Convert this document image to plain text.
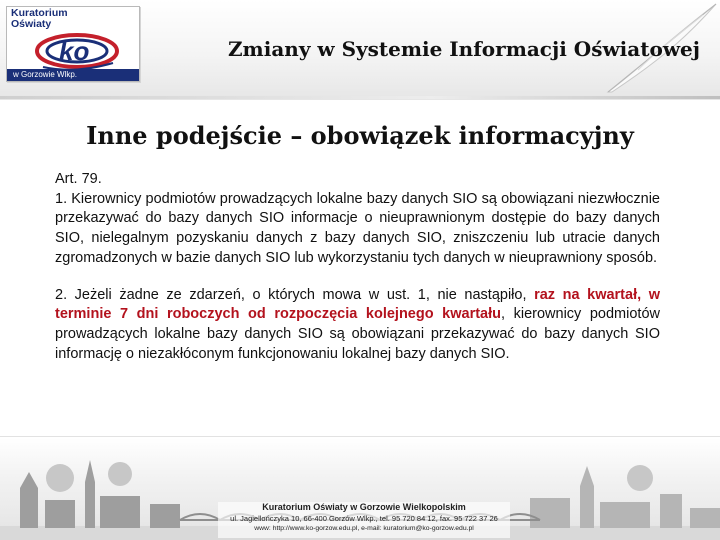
Kuratorium
Oświaty
ko
w Gorzowie Wlkp.
Zmiany w Systemie Informacji Oświatowej
Inne podejście – obowiązek informacyjny

Art. 79.

1. Kierownicy podmiotów prowadzących lokalne bazy danych SIO są obowiązani niezwłocznie przekazywać do bazy danych SIO informacje o nieuprawnionym dostępie do bazy danych SIO, nielegalnym pozyskaniu danych z bazy danych SIO, zniszczeniu lub utracie danych zgromadzonych w bazie danych SIO lub wykorzystaniu tych danych w nieuprawniony sposób.

2. Jeżeli żadne ze zdarzeń, o których mowa w ust. 1, nie nastąpiło, raz na kwartał, w terminie 7 dni roboczych od rozpoczęcia kolejnego kwartału, kierownicy podmiotów prowadzących lokalne bazy danych SIO są obowiązani przekazywać do bazy danych SIO informację o niezakłóconym funkcjonowaniu lokalnej bazy danych SIO.

Kuratorium Oświaty w Gorzowie Wielkopolskim
ul. Jagiellończyka 10, 66-400 Gorzów Wlkp., tel. 95 720 84 12, fax. 95 722 37 26
www: http://www.ko-gorzow.edu.pl, e-mail: kuratorium@ko-gorzow.edu.pl
